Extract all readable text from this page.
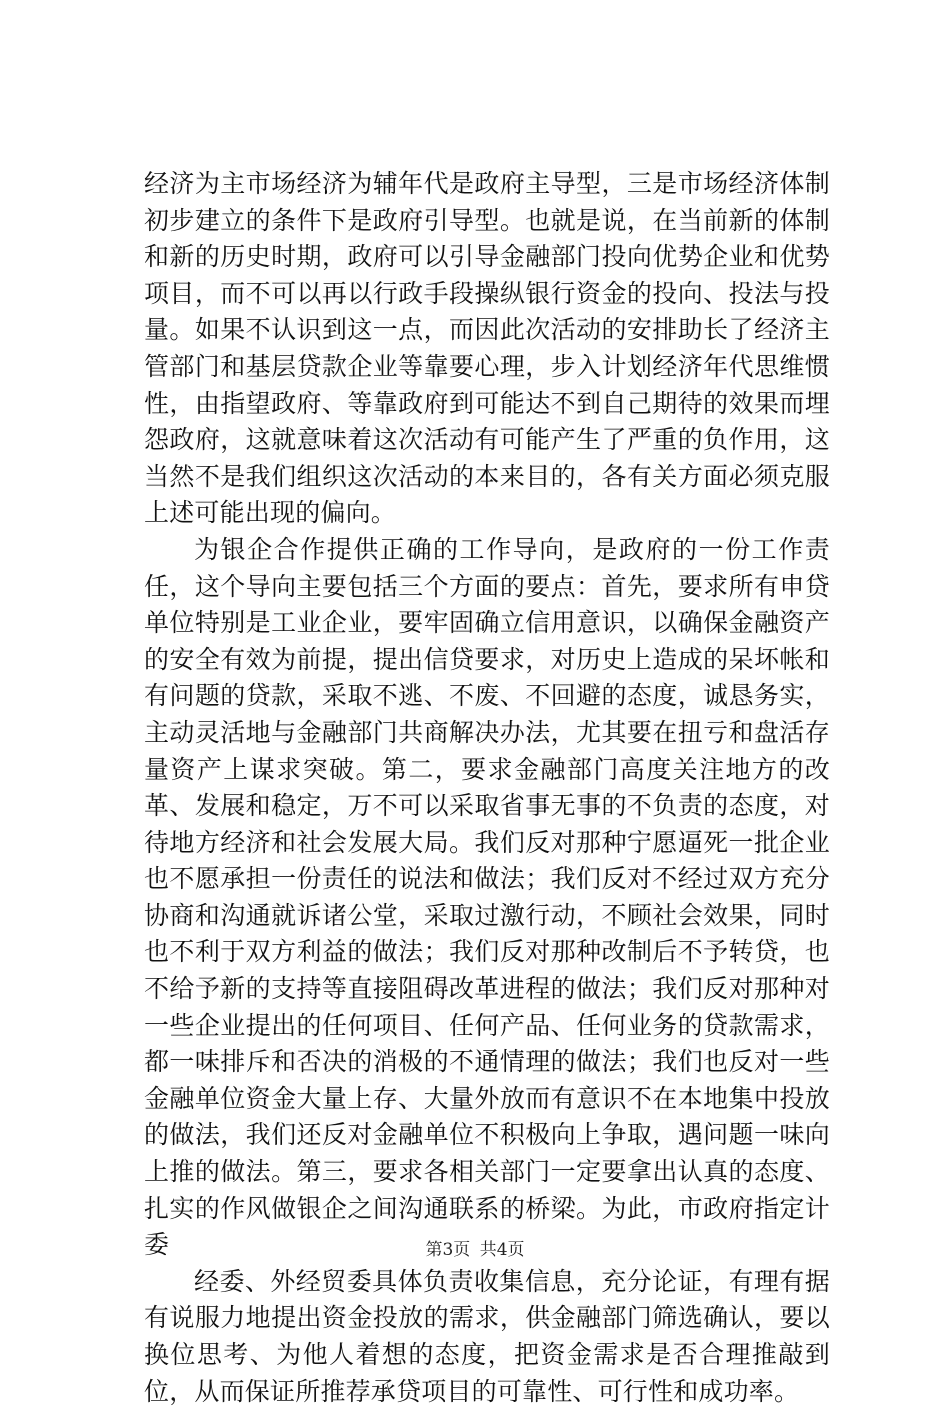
经济为主市场经济为辅年代是政府主导型，三是市场经济体制初步建立的条件下是政府引导型。也就是说，在当前新的体制和新的历史时期，政府可以引导金融部门投向优势企业和优势项目，而不可以再以行政手段操纵银行资金的投向、投法与投量。如果不认识到这一点，而因此次活动的安排助长了经济主管部门和基层贷款企业等靠要心理，步入计划经济年代思维惯性，由指望政府、等靠政府到可能达不到自己期待的效果而埋怨政府，这就意味着这次活动有可能产生了严重的负作用，这当然不是我们组织这次活动的本来目的，各有关方面必须克服上述可能出现的偏向。

为银企合作提供正确的工作导向，是政府的一份工作责任，这个导向主要包括三个方面的要点：首先，要求所有申贷单位特别是工业企业，要牢固确立信用意识，以确保金融资产的安全有效为前提，提出信贷要求，对历史上造成的呆坏帐和有问题的贷款，采取不逃、不废、不回避的态度，诚恳务实，主动灵活地与金融部门共商解决办法，尤其要在扭亏和盘活存量资产上谋求突破。第二，要求金融部门高度关注地方的改革、发展和稳定，万不可以采取省事无事的不负责的态度，对待地方经济和社会发展大局。我们反对那种宁愿逼死一批企业也不愿承担一份责任的说法和做法；我们反对不经过双方充分协商和沟通就诉诸公堂，采取过激行动，不顾社会效果，同时也不利于双方利益的做法；我们反对那种改制后不予转贷，也不给予新的支持等直接阻碍改革进程的做法；我们反对那种对一些企业提出的任何项目、任何产品、任何业务的贷款需求，都一味排斥和否决的消极的不通情理的做法；我们也反对一些金融单位资金大量上存、大量外放而有意识不在本地集中投放的做法，我们还反对金融单位不积极向上争取，遇问题一味向上推的做法。第三，要求各相关部门一定要拿出认真的态度、扎实的作风做银企之间沟通联系的桥梁。为此，市政府指定计委

经委、外经贸委具体负责收集信息，充分论证，有理有据有说服力地提出资金投放的需求，供金融部门筛选确认，要以换位思考、为他人着想的态度，把资金需求是否合理推敲到位，从而保证所推荐承贷项目的可靠性、可行性和成功率。

第3页 共4页
